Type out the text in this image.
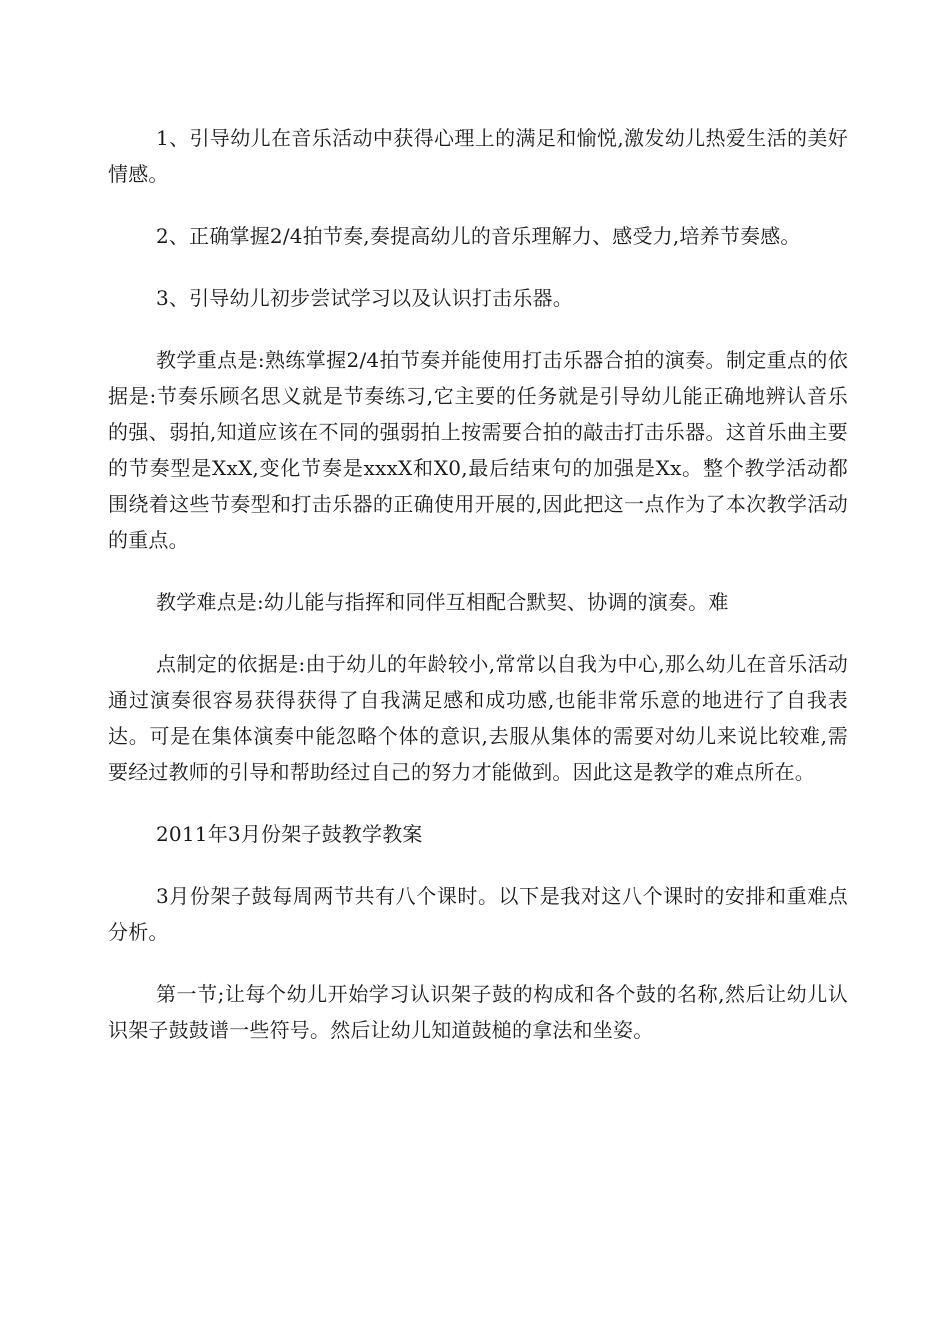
1、引导幼儿在音乐活动中获得心理上的满足和愉悦,激发幼儿热爱生活的美好情感。

2、正确掌握2/4拍节奏,奏提高幼儿的音乐理解力、感受力,培养节奏感。

3、引导幼儿初步尝试学习以及认识打击乐器。

教学重点是:熟练掌握2/4拍节奏并能使用打击乐器合拍的演奏。制定重点的依据是:节奏乐顾名思义就是节奏练习,它主要的任务就是引导幼儿能正确地辨认音乐的强、弱拍,知道应该在不同的强弱拍上按需要合拍的敲击打击乐器。这首乐曲主要的节奏型是XxX,变化节奏是xxxX和X0,最后结束句的加强是Xx。整个教学活动都围绕着这些节奏型和打击乐器的正确使用开展的,因此把这一点作为了本次教学活动的重点。

教学难点是:幼儿能与指挥和同伴互相配合默契、协调的演奏。难

点制定的依据是:由于幼儿的年龄较小,常常以自我为中心,那么幼儿在音乐活动通过演奏很容易获得获得了自我满足感和成功感,也能非常乐意的地进行了自我表达。可是在集体演奏中能忽略个体的意识,去服从集体的需要对幼儿来说比较难,需要经过教师的引导和帮助经过自己的努力才能做到。因此这是教学的难点所在。

2011年3月份架子鼓教学教案

3月份架子鼓每周两节共有八个课时。以下是我对这八个课时的安排和重难点分析。

第一节;让每个幼儿开始学习认识架子鼓的构成和各个鼓的名称,然后让幼儿认识架子鼓鼓谱一些符号。然后让幼儿知道鼓槌的拿法和坐姿。
